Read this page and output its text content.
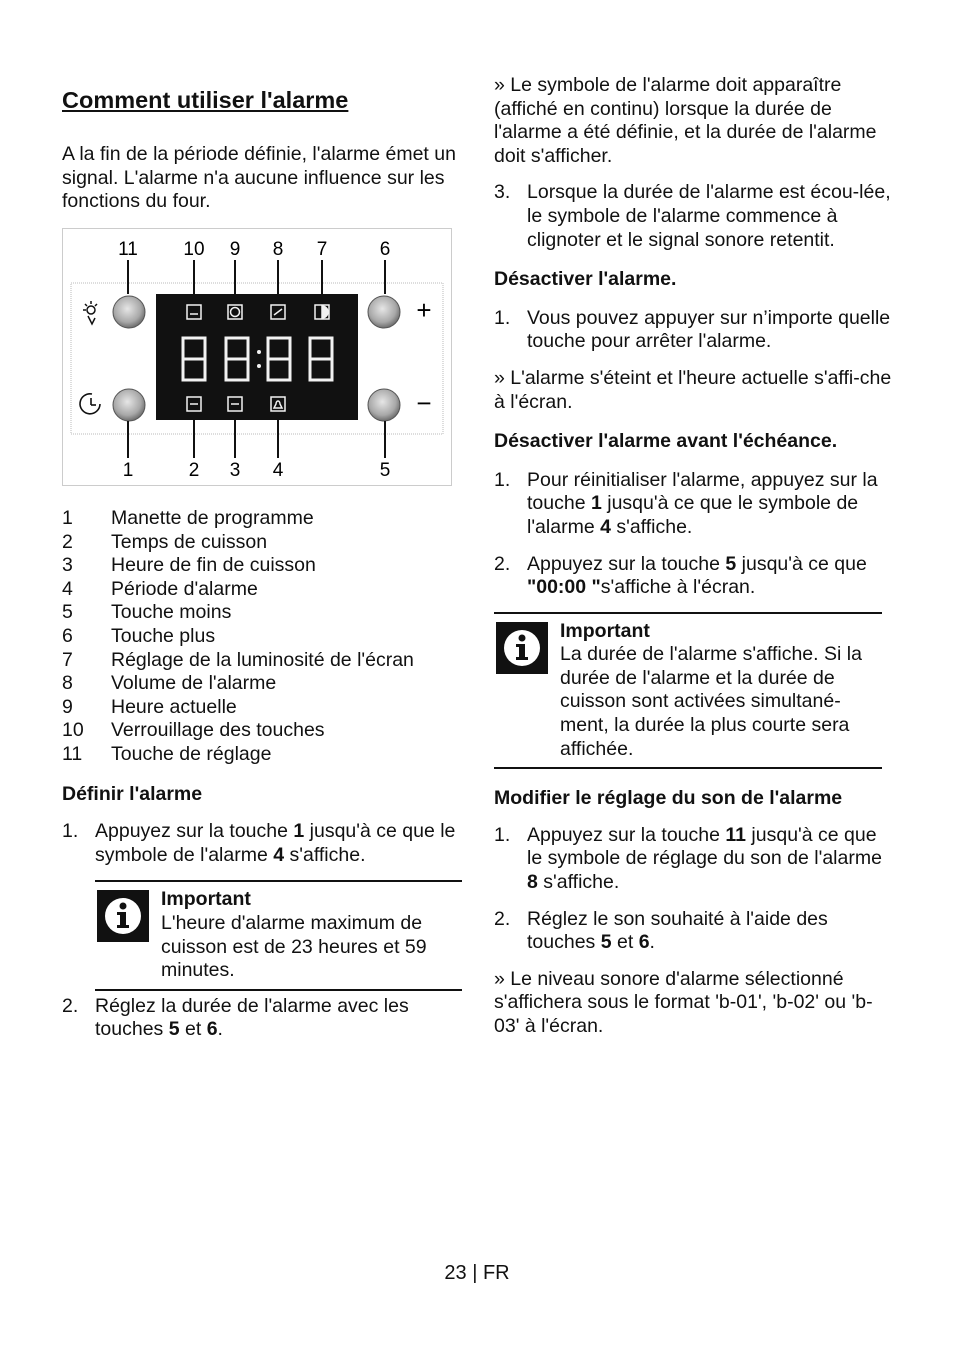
Comment utiliser l'alarme

A la fin de la période définie, l'alarme émet un signal. L'alarme n'a aucune influence sur les fonctions du four.

11 10 9 8 7	6
+
−
1	2 3 4	5
1 Manette de programme
2 Temps de cuisson
3 Heure de fin de cuisson
4 Période d'alarme
5 Touche moins
6 Touche plus
7 Réglage de la luminosité de l'écran
8 Volume de l'alarme
9 Heure actuelle
10 Verrouillage des touches
11 Touche de réglage

Définir l'alarme

1. Appuyez sur la touche 1 jusqu'à ce que le symbole de l'alarme 4 s'affiche.
Important
L'heure d'alarme maximum de cuisson est de 23 heures et 59 minutes.
2. Réglez la durée de l'alarme avec les touches 5 et 6.

» Le symbole de l'alarme doit apparaître (affiché en continu) lorsque la durée de l'alarme a été définie, et la durée de l'alarme doit s'afficher.

3. Lorsque la durée de l'alarme est écou-lée, le symbole de l'alarme commence à clignoter et le signal sonore retentit.

Désactiver l'alarme.

1. Vous pouvez appuyer sur n’importe quelle touche pour arrêter l'alarme.

» L'alarme s'éteint et l'heure actuelle s'affi-che à l'écran.

Désactiver l'alarme avant l'échéance.

1. Pour réinitialiser l'alarme, appuyez sur la touche 1 jusqu'à ce que le symbole de l'alarme 4 s'affiche.
2. Appuyez sur la touche 5 jusqu'à ce que "00:00 "s'affiche à l'écran.
Important
La durée de l'alarme s'affiche. Si la durée de l'alarme et la durée de cuisson sont activées simultané-ment, la durée la plus courte sera affichée.

Modifier le réglage du son de l'alarme

1. Appuyez sur la touche 11 jusqu'à ce que le symbole de réglage du son de l'alarme 8 s'affiche.
2. Réglez le son souhaité à l'aide des touches 5 et 6.

» Le niveau sonore d'alarme sélectionné s'affichera sous le format 'b-01', 'b-02' ou 'b-03' à l'écran.

23 | FR
